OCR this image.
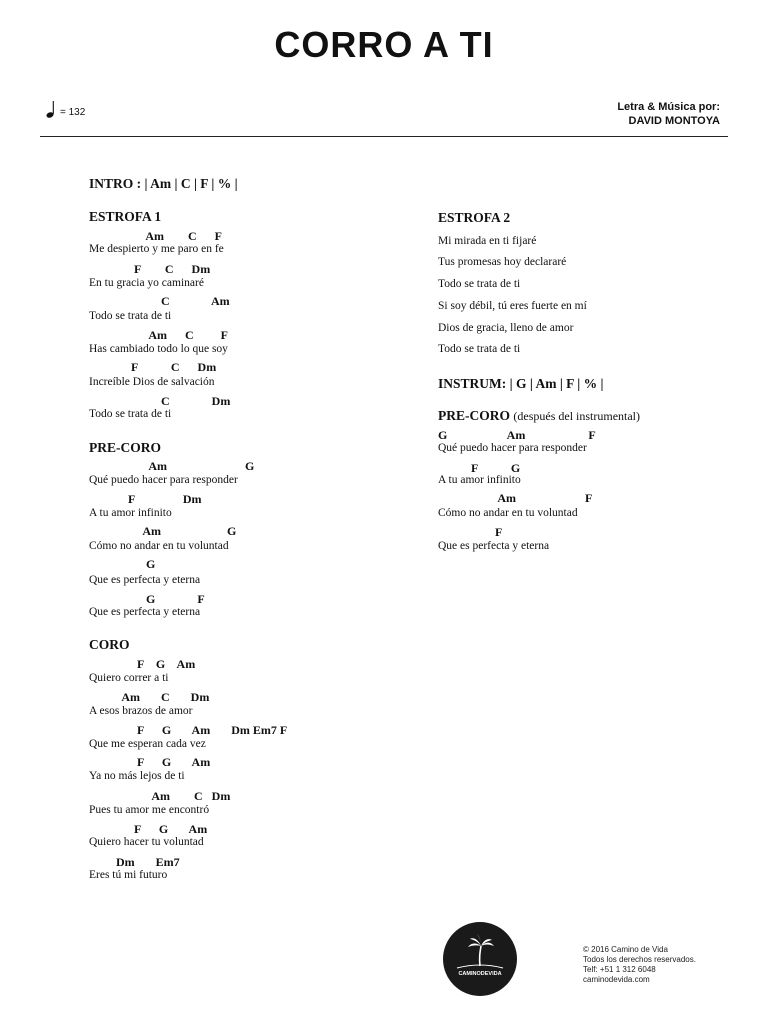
CORRO A TI
= 132	Letra & Música por:
DAVID MONTOYA
INTRO : | Am | C | F | % |
ESTROFA 1
Am        C      F
Me despierto y me paro en fe
F        C      Dm
En tu gracia yo caminaré
C              Am
Todo se trata de ti
Am      C         F
Has cambiado todo lo que soy
F           C      Dm
Increíble Dios de salvación
C              Dm
Todo se trata de ti
PRE-CORO
Am                          G
Qué puedo hacer para responder
F                Dm
A tu amor infinito
Am                      G
Cómo no andar en tu voluntad
G
Que es perfecta y eterna
G              F
Que es perfecta y eterna
CORO
F    G    Am
Quiero correr a ti
Am       C       Dm
A esos brazos de amor
F      G       Am       Dm Em7 F
Que me esperan cada vez
F      G       Am
Ya no más lejos de ti
Am        C   Dm
Pues tu amor me encontró
F      G       Am
Quiero hacer tu voluntad
Dm       Em7
Eres tú mi futuro
ESTROFA 2
Mi mirada en ti fijaré
Tus promesas hoy declararé
Todo se trata de ti
Si soy débil, tú eres fuerte en mí
Dios de gracia, lleno de amor
Todo se trata de ti
INSTRUM: | G | Am | F | % |
PRE-CORO (después del instrumental)
G                    Am                     F
Qué puedo hacer para responder
F           G
A tu amor infinito
Am                       F
Cómo no andar en tu voluntad
F
Que es perfecta y eterna
CAMINODEVIDA
© 2016 Camino de Vida
Todos los derechos reservados.
Telf: +51 1 312 6048
caminodevida.com
